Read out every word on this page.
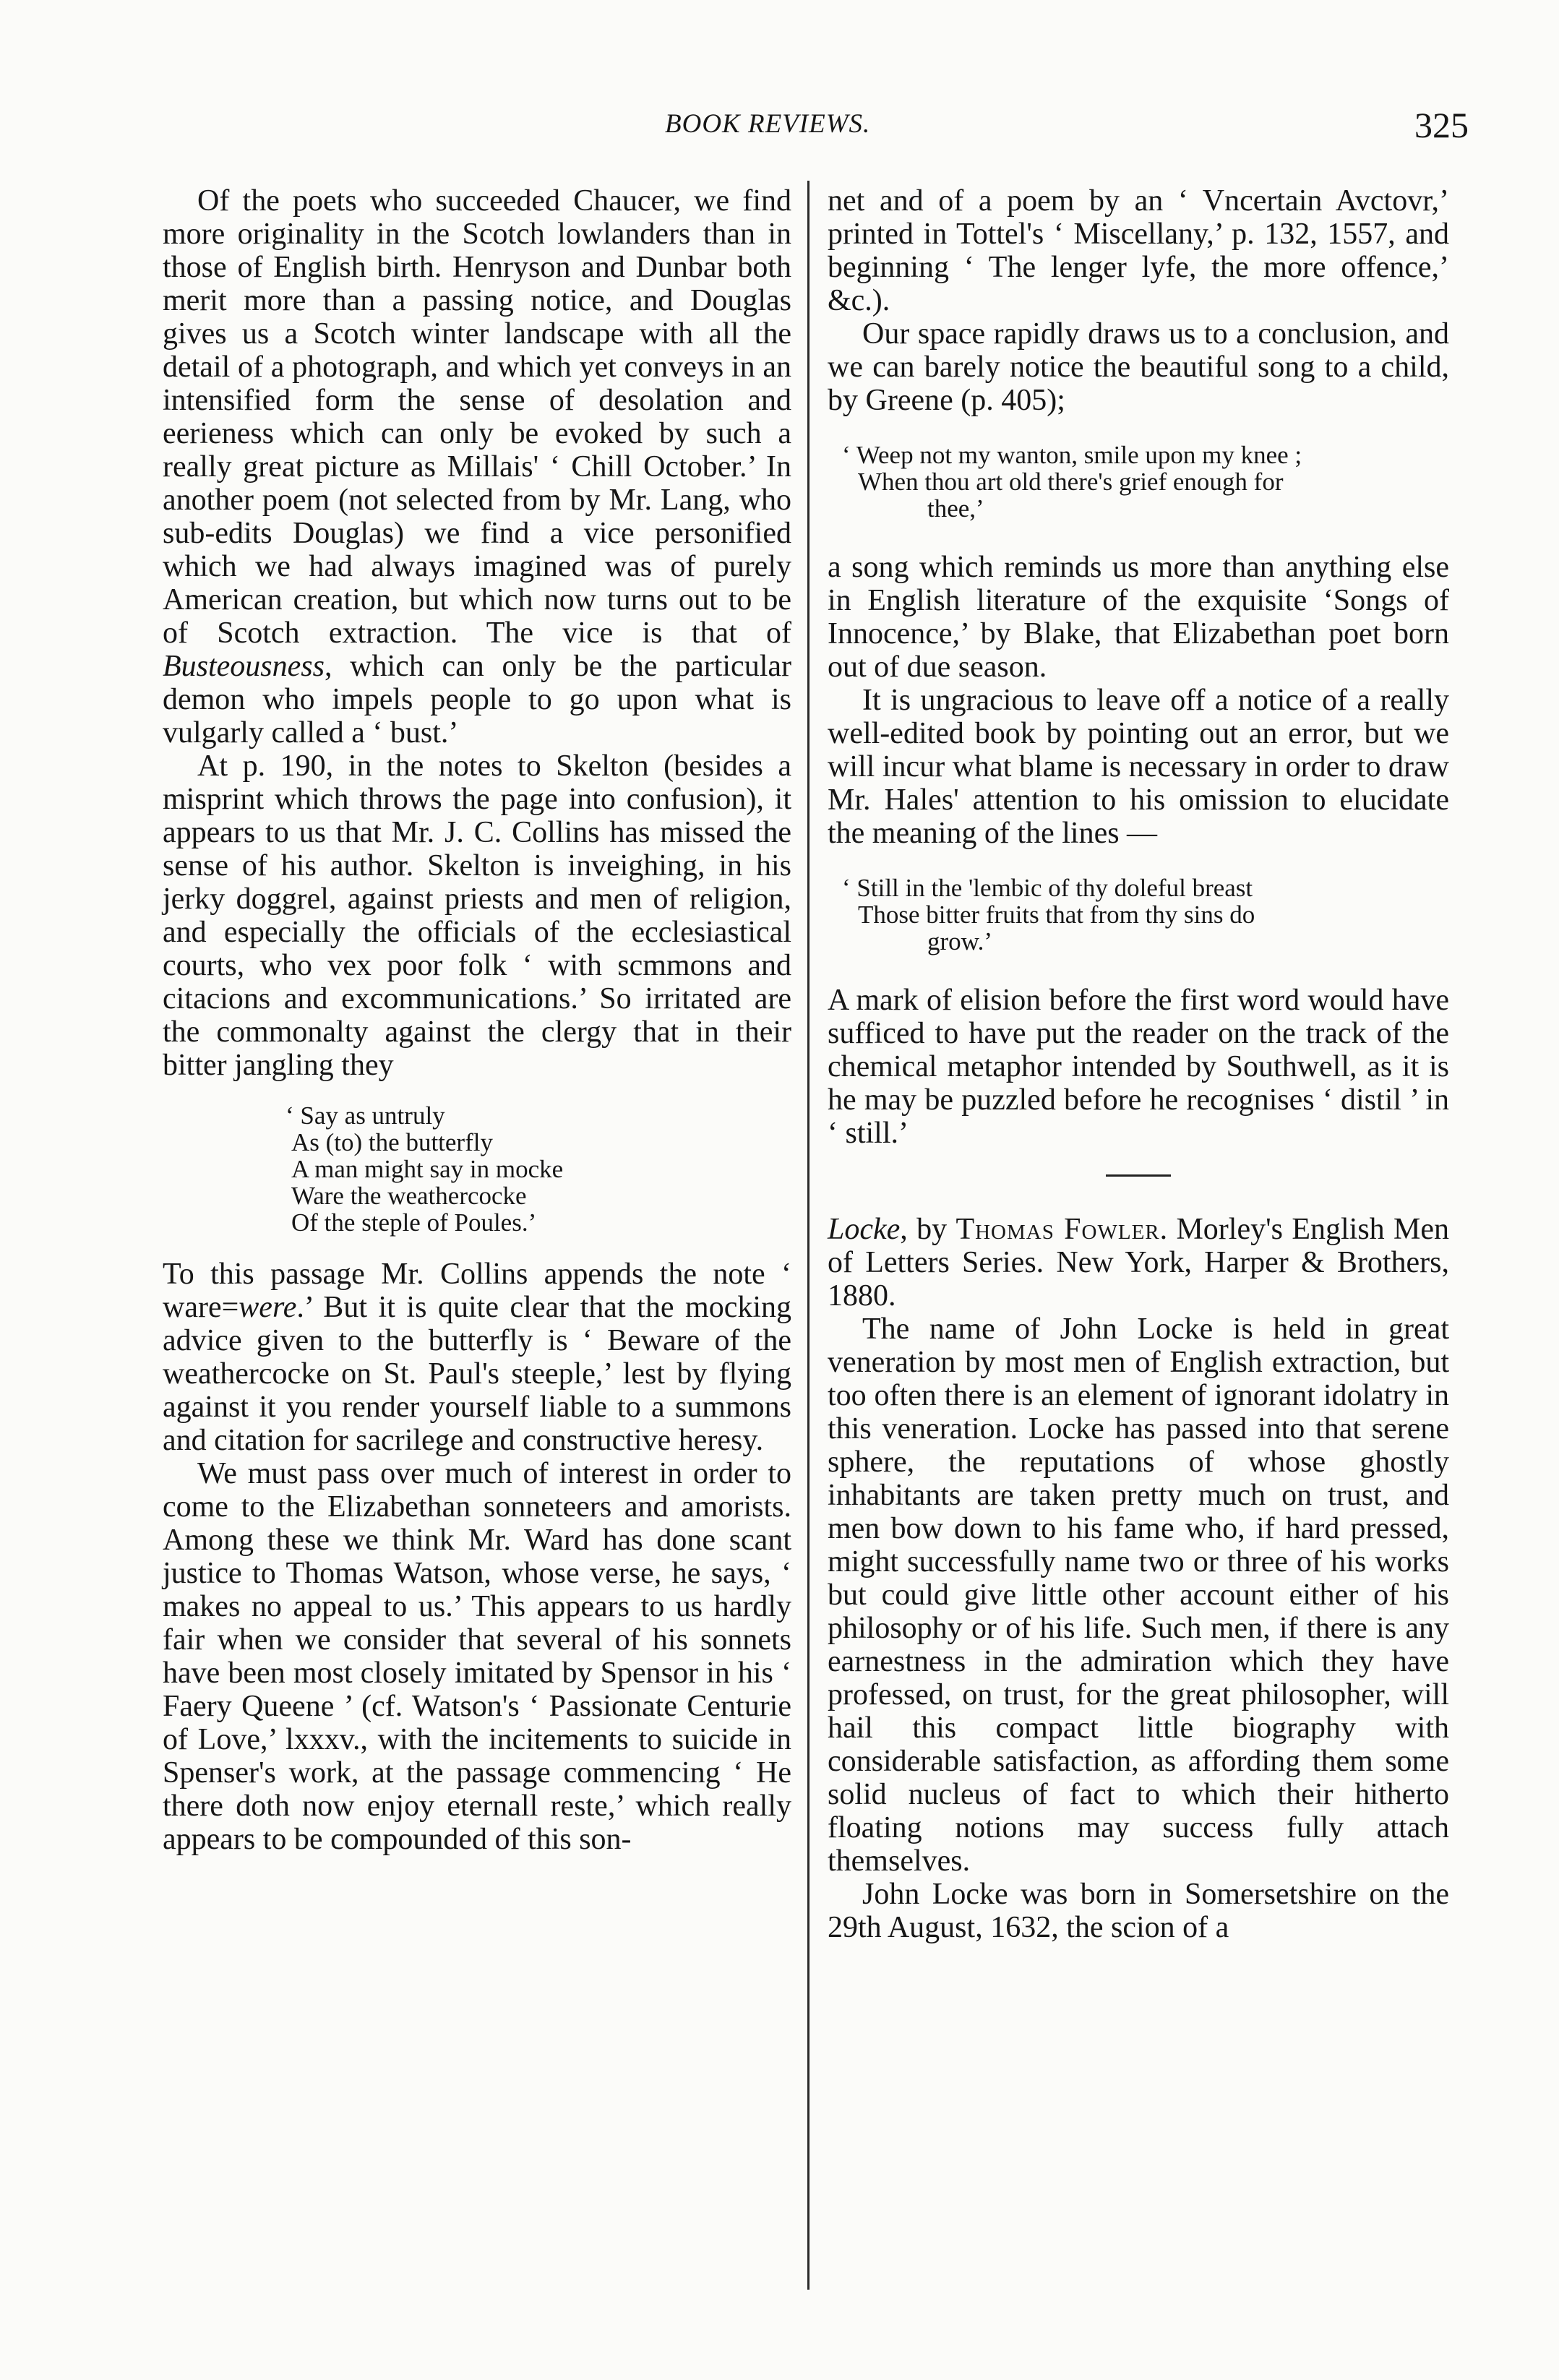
BOOK REVIEWS.	325

Of the poets who succeeded Chaucer, we find more originality in the Scotch lowlanders than in those of English birth. Henryson and Dunbar both merit more than a passing notice, and Douglas gives us a Scotch winter landscape with all the detail of a photograph, and which yet conveys in an intensified form the sense of desolation and eerieness which can only be evoked by such a really great picture as Millais' ‘ Chill October.’ In another poem (not selected from by Mr. Lang, who sub-edits Douglas) we find a vice personified which we had always imagined was of purely American creation, but which now turns out to be of Scotch extraction. The vice is that of Busteousness, which can only be the particular demon who impels people to go upon what is vulgarly called a ‘ bust.’

At p. 190, in the notes to Skelton (besides a misprint which throws the page into confusion), it appears to us that Mr. J. C. Collins has missed the sense of his author. Skelton is inveighing, in his jerky doggrel, against priests and men of religion, and especially the officials of the ecclesiastical courts, who vex poor folk ‘ with scmmons and citacions and excommunications.’ So irritated are the commonalty against the clergy that in their bitter jangling they

‘ Say as untruly
As (to) the butterfly
A man might say in mocke
Ware the weathercocke
Of the steple of Poules.’

To this passage Mr. Collins appends the note ‘ ware=were.’ But it is quite clear that the mocking advice given to the butterfly is ‘ Beware of the weathercocke on St. Paul's steeple,’ lest by flying against it you render yourself liable to a summons and citation for sacrilege and constructive heresy.

We must pass over much of interest in order to come to the Elizabethan sonneteers and amorists. Among these we think Mr. Ward has done scant justice to Thomas Watson, whose verse, he says, ‘ makes no appeal to us.’ This appears to us hardly fair when we consider that several of his sonnets have been most closely imitated by Spensor in his ‘ Faery Queene ’ (cf. Watson's ‘ Passionate Centurie of Love,’ lxxxv., with the incitements to suicide in Spenser's work, at the passage commencing ‘ He there doth now enjoy eternall reste,’ which really appears to be compounded of this son-

net and of a poem by an ‘ Vncertain Avctovr,’ printed in Tottel's ‘ Miscellany,’ p. 132, 1557, and beginning ‘ The lenger lyfe, the more offence,’ &c.).

Our space rapidly draws us to a conclusion, and we can barely notice the beautiful song to a child, by Greene (p. 405);

‘ Weep not my wanton, smile upon my knee ;
When thou art old there's grief enough for
thee,’

a song which reminds us more than anything else in English literature of the exquisite ‘Songs of Innocence,’ by Blake, that Elizabethan poet born out of due season.

It is ungracious to leave off a notice of a really well-edited book by pointing out an error, but we will incur what blame is necessary in order to draw Mr. Hales' attention to his omission to elucidate the meaning of the lines —

‘ Still in the 'lembic of thy doleful breast
Those bitter fruits that from thy sins do
grow.’

A mark of elision before the first word would have sufficed to have put the reader on the track of the chemical metaphor intended by Southwell, as it is he may be puzzled before he recognises ‘ distil ’ in ‘ still.’

Locke, by Thomas Fowler. Morley's English Men of Letters Series. New York, Harper & Brothers, 1880.

The name of John Locke is held in great veneration by most men of English extraction, but too often there is an element of ignorant idolatry in this veneration. Locke has passed into that serene sphere, the reputations of whose ghostly inhabitants are taken pretty much on trust, and men bow down to his fame who, if hard pressed, might successfully name two or three of his works but could give little other account either of his philosophy or of his life. Such men, if there is any earnestness in the admiration which they have professed, on trust, for the great philosopher, will hail this compact little biography with considerable satisfaction, as affording them some solid nucleus of fact to which their hitherto floating notions may success fully attach themselves.

John Locke was born in Somersetshire on the 29th August, 1632, the scion of a
